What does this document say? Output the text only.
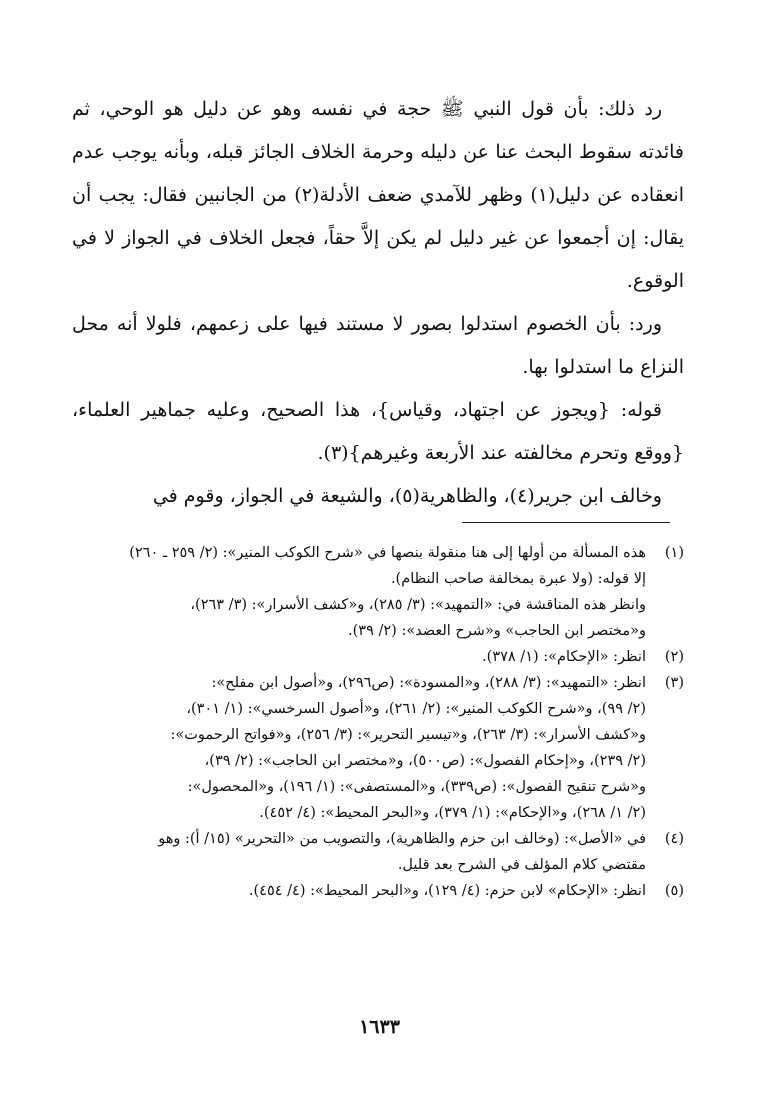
رد ذلك: بأن قول النبي ﷺ حجة في نفسه وهو عن دليل هو الوحي، ثم فائدته سقوط البحث عنا عن دليله وحرمة الخلاف الجائز قبله، وبأنه يوجب عدم انعقاده عن دليل(١) وظهر للآمدي ضعف الأدلة(٢) من الجانبين فقال: يجب أن يقال: إن أجمعوا عن غير دليل لم يكن إلاَّ حقاً، فجعل الخلاف في الجواز لا في الوقوع.

ورد: بأن الخصوم استدلوا بصور لا مستند فيها على زعمهم، فلولا أنه محل النزاع ما استدلوا بها.

قوله: {ويجوز عن اجتهاد، وقياس}، هذا الصحيح، وعليه جماهير العلماء، {ووقع وتحرم مخالفته عند الأربعة وغيرهم}(٣).

وخالف ابن جرير(٤)، والظاهرية(٥)، والشيعة في الجواز، وقوم في

(١)
هذه المسألة من أولها إلى هنا منقولة بنصها في «شرح الكوكب المنير»: (٢/ ٢٥٩ ـ ٢٦٠)
إلا قوله: (ولا عبرة بمخالفة صاحب النظام).
وانظر هذه المناقشة في: «التمهيد»: (٣/ ٢٨٥)، و«كشف الأسرار»: (٣/ ٢٦٣)،
و«مختصر ابن الحاجب» و«شرح العضد»: (٢/ ٣٩).
(٢)
انظر: «الإحكام»: (١/ ٣٧٨).
(٣)
انظر: «التمهيد»: (٣/ ٢٨٨)، و«المسودة»: (ص٢٩٦)، و«أصول ابن مفلح»:
(٢/ ٩٩)، و«شرح الكوكب المنير»: (٢/ ٢٦١)، و«أصول السرخسي»: (١/ ٣٠١)،
و«كشف الأسرار»: (٣/ ٢٦٣)، و«تيسير التحرير»: (٣/ ٢٥٦)، و«فواتح الرحموت»:
(٢/ ٢٣٩)، و«إحكام الفصول»: (ص٥٠٠)، و«مختصر ابن الحاجب»: (٢/ ٣٩)،
و«شرح تنقيح الفصول»: (ص٣٣٩)، و«المستصفى»: (١/ ١٩٦)، و«المحصول»:
(٢/ ١/ ٢٦٨)، و«الإحكام»: (١/ ٣٧٩)، و«البحر المحيط»: (٤/ ٤٥٢).
(٤)
في «الأصل»: (وخالف ابن حزم والظاهرية)، والتصويب من «التحرير» (١٥/ أ): وهو
مقتضي كلام المؤلف في الشرح بعد قليل.
(٥)
انظر: «الإحكام» لابن حزم: (٤/ ١٢٩)، و«البحر المحيط»: (٤/ ٤٥٤).
١٦٣٣
